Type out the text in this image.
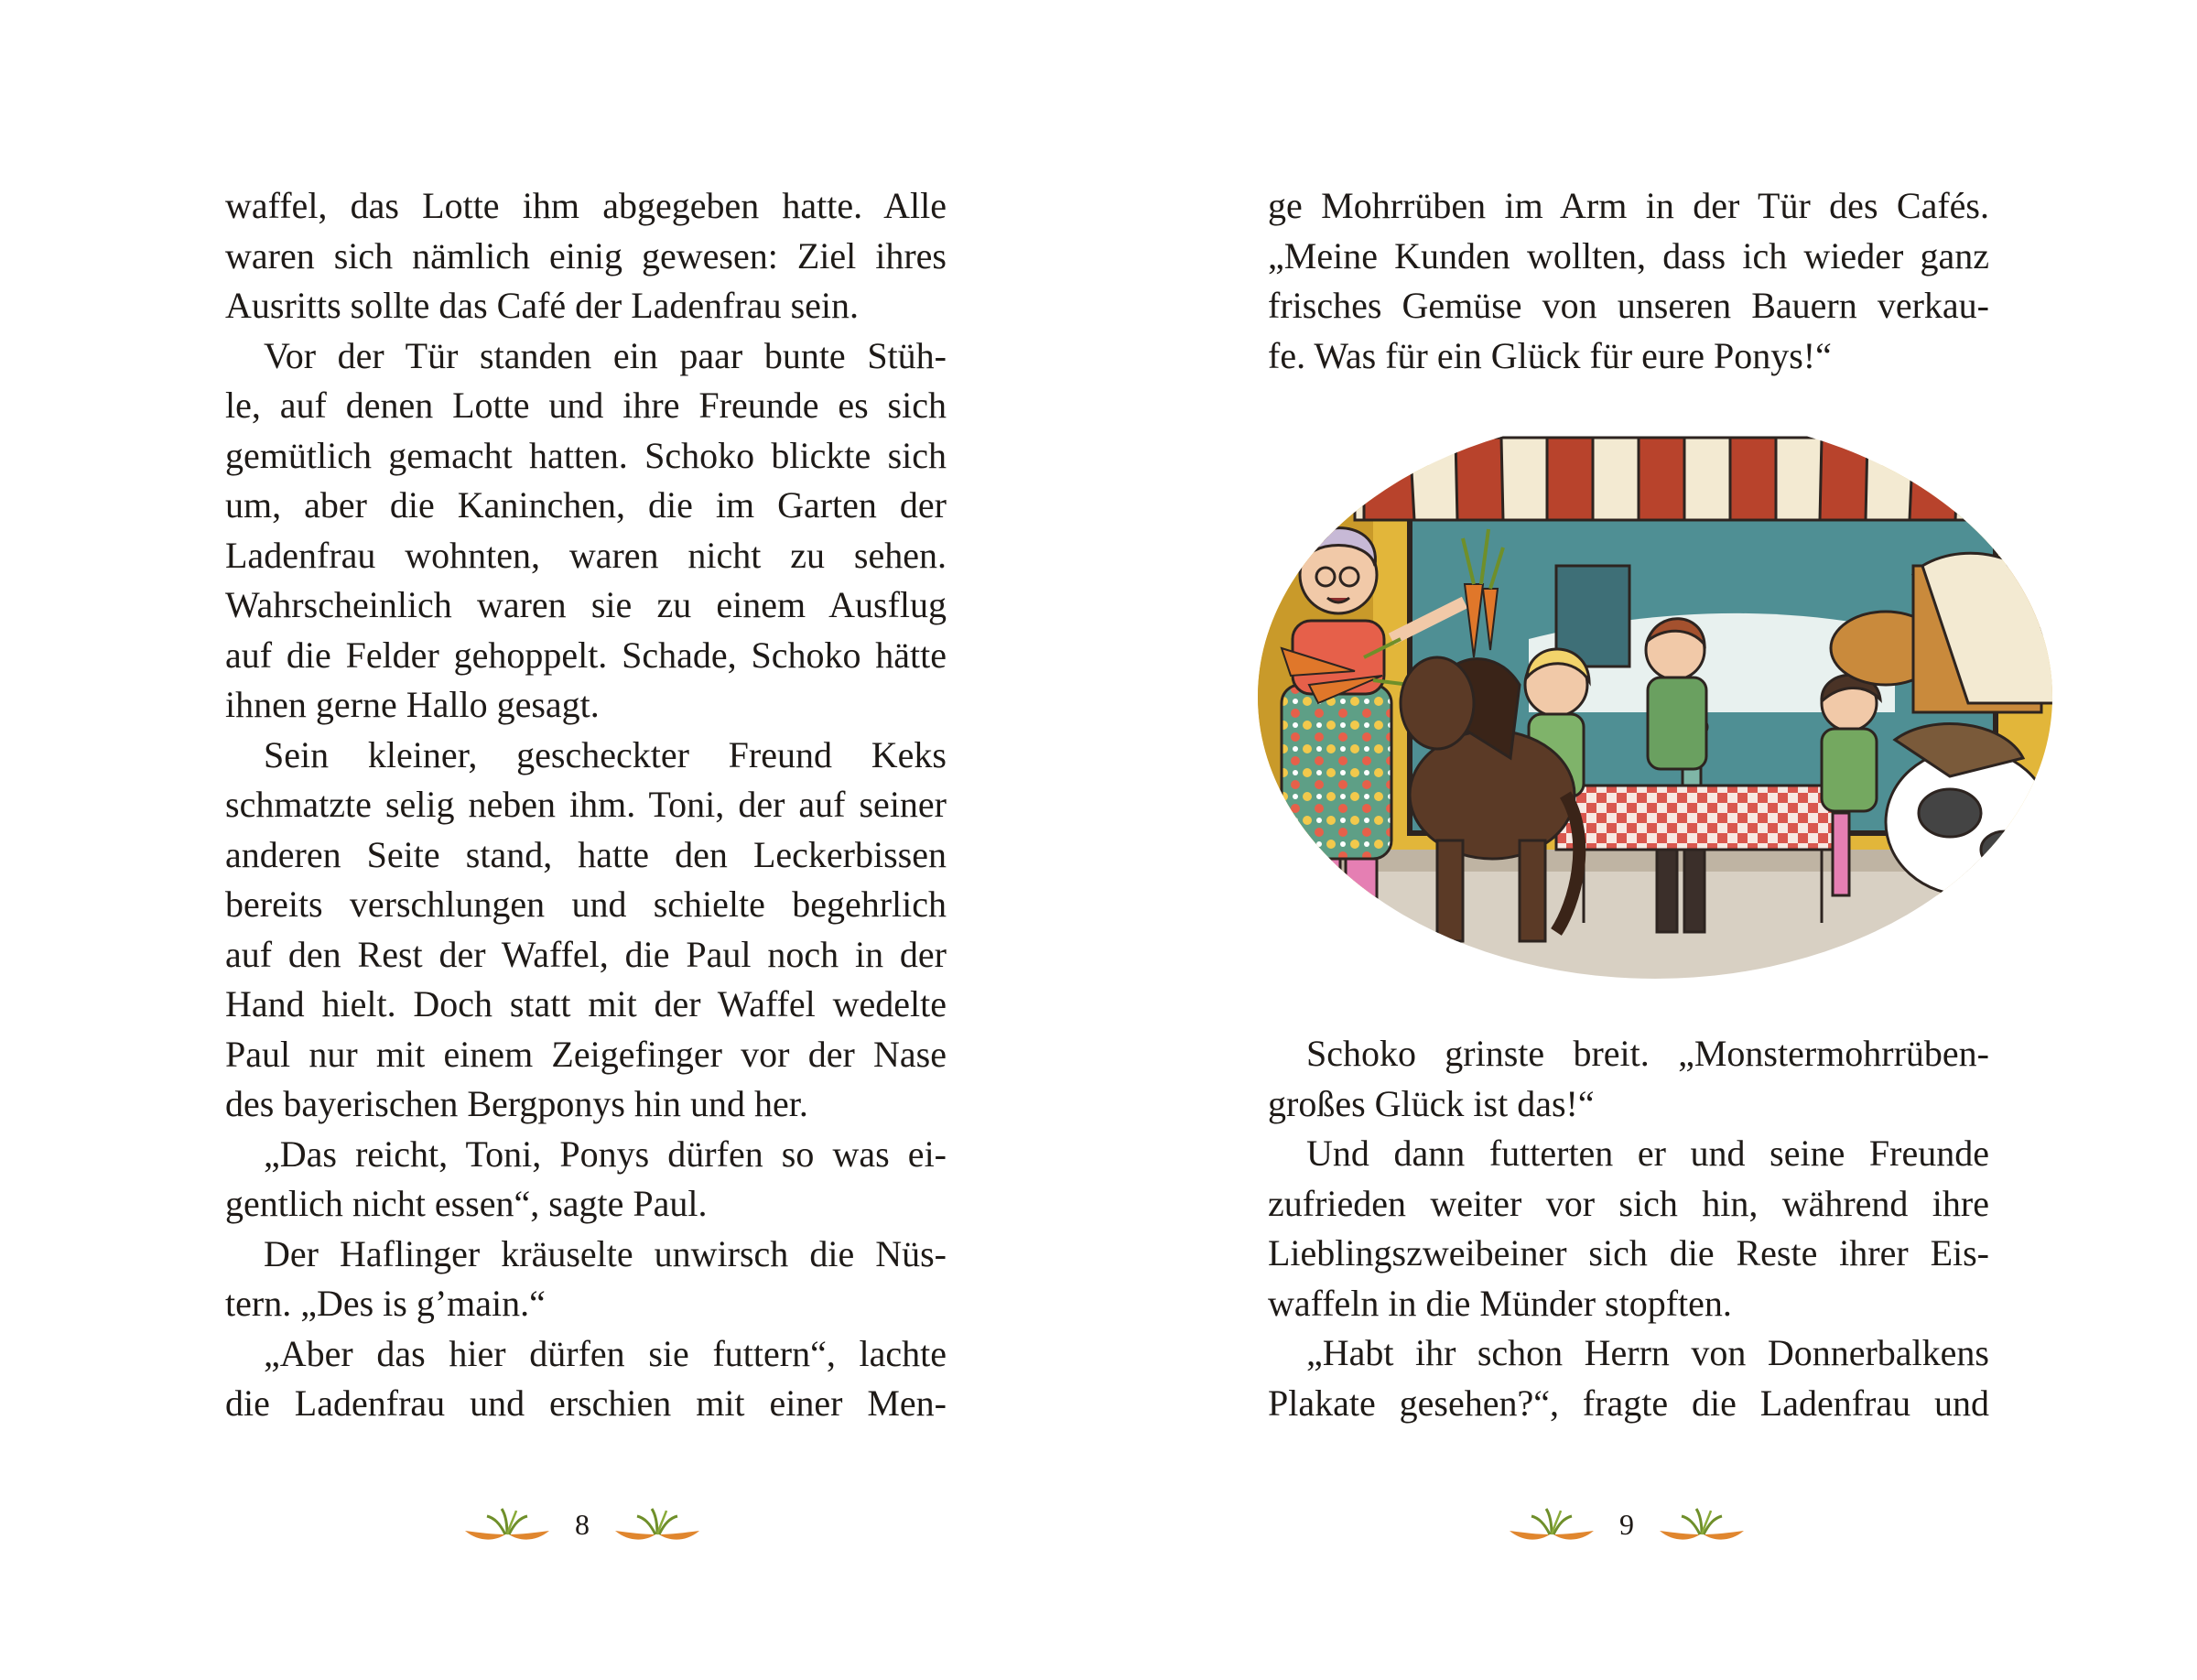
waffel, das Lotte ihm abgegeben hatte. Alle

waren sich nämlich einig gewesen: Ziel ihres

Ausritts sollte das Café der Ladenfrau sein.

Vor der Tür standen ein paar bunte Stüh-

le, auf denen Lotte und ihre Freunde es sich

gemütlich gemacht hatten. Schoko blickte sich

um, aber die Kaninchen, die im Garten der

Ladenfrau wohnten, waren nicht zu sehen.

Wahrscheinlich waren sie zu einem Ausflug

auf die Felder gehoppelt. Schade, Schoko hätte

ihnen gerne Hallo gesagt.

Sein kleiner, gescheckter Freund Keks

schmatzte selig neben ihm. Toni, der auf seiner

anderen Seite stand, hatte den Leckerbissen

bereits verschlungen und schielte begehrlich

auf den Rest der Waffel, die Paul noch in der

Hand hielt. Doch statt mit der Waffel wedelte

Paul nur mit einem Zeigefinger vor der Nase

des bayerischen Bergponys hin und her.

„Das reicht, Toni, Ponys dürfen so was ei-

gentlich nicht essen“, sagte Paul.

Der Haflinger kräuselte unwirsch die Nüs-

tern. „Des is g’main.“

„Aber das hier dürfen sie futtern“, lachte

die Ladenfrau und erschien mit einer Men-

8

ge Mohrrüben im Arm in der Tür des Cafés.

„Meine Kunden wollten, dass ich wieder ganz

frisches Gemüse von unseren Bauern verkau-

fe. Was für ein Glück für eure Ponys!“

Schoko grinste breit. „Monstermohrrüben-

großes Glück ist das!“

Und dann futterten er und seine Freunde

zufrieden weiter vor sich hin, während ihre

Lieblingszweibeiner sich die Reste ihrer Eis-

waffeln in die Münder stopften.

„Habt ihr schon Herrn von Donnerbalkens

Plakate gesehen?“, fragte die Ladenfrau und

9
